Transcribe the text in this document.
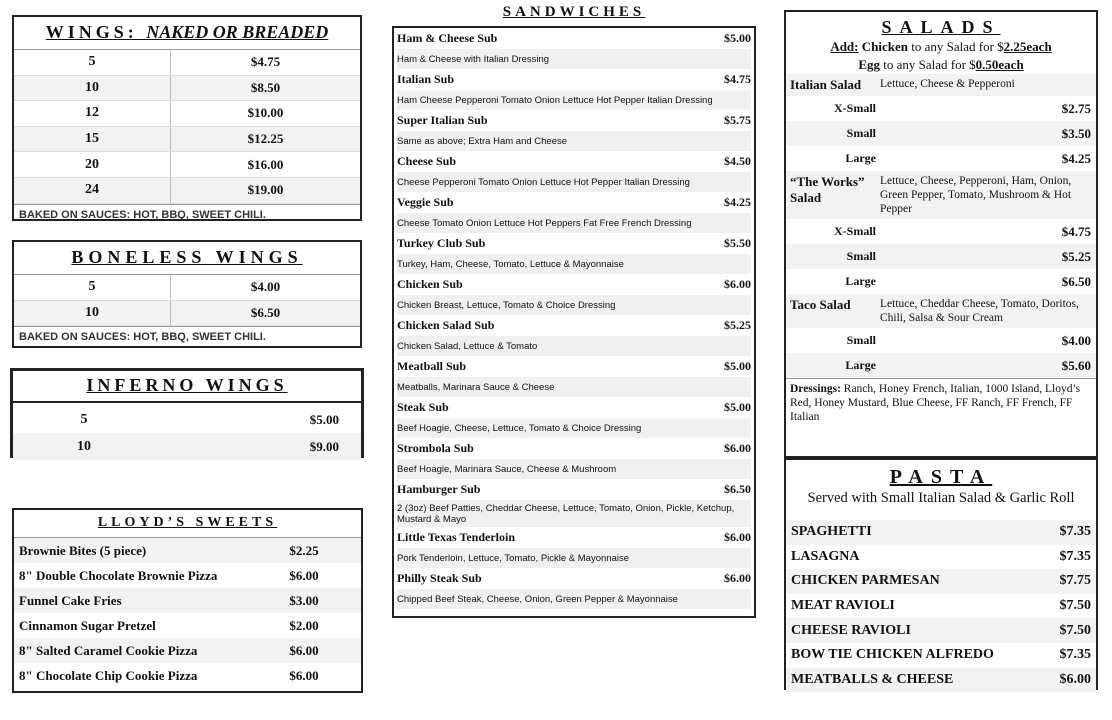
WINGS: NAKED OR BREADED
5	$4.75
10	$8.50
12	$10.00
15	$12.25
20	$16.00
24	$19.00
BAKED ON SAUCES: HOT, BBQ, SWEET CHILI.
BONELESS WINGS
5	$4.00
10	$6.50
BAKED ON SAUCES: HOT, BBQ, SWEET CHILI.
INFERNO WINGS
5	$5.00
10	$9.00
LLOYD’S SWEETS
Brownie Bites (5 piece)	$2.25	
8" Double Chocolate Brownie Pizza	$6.00	
Funnel Cake Fries	$3.00	
Cinnamon Sugar Pretzel	$2.00	
8" Salted Caramel Cookie Pizza	$6.00	
8" Chocolate Chip Cookie Pizza	$6.00	
SANDWICHES
Ham & Cheese Sub	$5.00
Ham & Cheese with Italian Dressing
Italian Sub	$4.75
Ham Cheese Pepperoni Tomato Onion Lettuce Hot Pepper Italian Dressing
Super Italian Sub	$5.75
Same as above; Extra Ham and Cheese
Cheese Sub	$4.50
Cheese Pepperoni Tomato Onion Lettuce Hot Pepper Italian Dressing
Veggie Sub	$4.25
Cheese Tomato Onion Lettuce Hot Peppers Fat Free French Dressing
Turkey Club Sub	$5.50
Turkey, Ham, Cheese, Tomato, Lettuce & Mayonnaise
Chicken Sub	$6.00
Chicken Breast, Lettuce, Tomato & Choice Dressing
Chicken Salad Sub	$5.25
Chicken Salad, Lettuce & Tomato
Meatball Sub	$5.00
Meatballs, Marinara Sauce & Cheese
Steak Sub	$5.00
Beef Hoagie, Cheese, Lettuce, Tomato & Choice Dressing
Strombola Sub	$6.00
Beef Hoagie, Marinara Sauce, Cheese & Mushroom
Hamburger Sub	$6.50
2 (3oz) Beef Patties, Cheddar Cheese, Lettuce, Tomato, Onion, Pickle, Ketchup, Mustard & Mayo
Little Texas Tenderloin	$6.00
Pork Tenderloin, Lettuce, Tomato, Pickle & Mayonnaise
Philly Steak Sub	$6.00
Chipped Beef Steak, Cheese, Onion, Green Pepper & Mayonnaise
SALADS
Add: Chicken to any Salad for $2.25each
Egg to any Salad for $0.50each
Italian Salad	Lettuce, Cheese & Pepperoni
X-Small	$2.75
Small	$3.50
Large	$4.25
“The Works” Salad
Lettuce, Cheese, Pepperoni, Ham, Onion, Green Pepper, Tomato, Mushroom & Hot Pepper
X-Small	$4.75
Small	$5.25
Large	$6.50
Taco Salad	Lettuce, Cheddar Cheese, Tomato, Doritos, Chili, Salsa & Sour Cream
Small	$4.00
Large	$5.60
Dressings: Ranch, Honey French, Italian, 1000 Island, Lloyd’s Red, Honey Mustard, Blue Cheese, FF Ranch, FF French, FF Italian
PASTA
Served with Small Italian Salad & Garlic Roll
SPAGHETTI	$7.35
LASAGNA	$7.35
CHICKEN PARMESAN	$7.75
MEAT RAVIOLI	$7.50
CHEESE RAVIOLI	$7.50
BOW TIE CHICKEN ALFREDO	$7.35
MEATBALLS & CHEESE	$6.00
